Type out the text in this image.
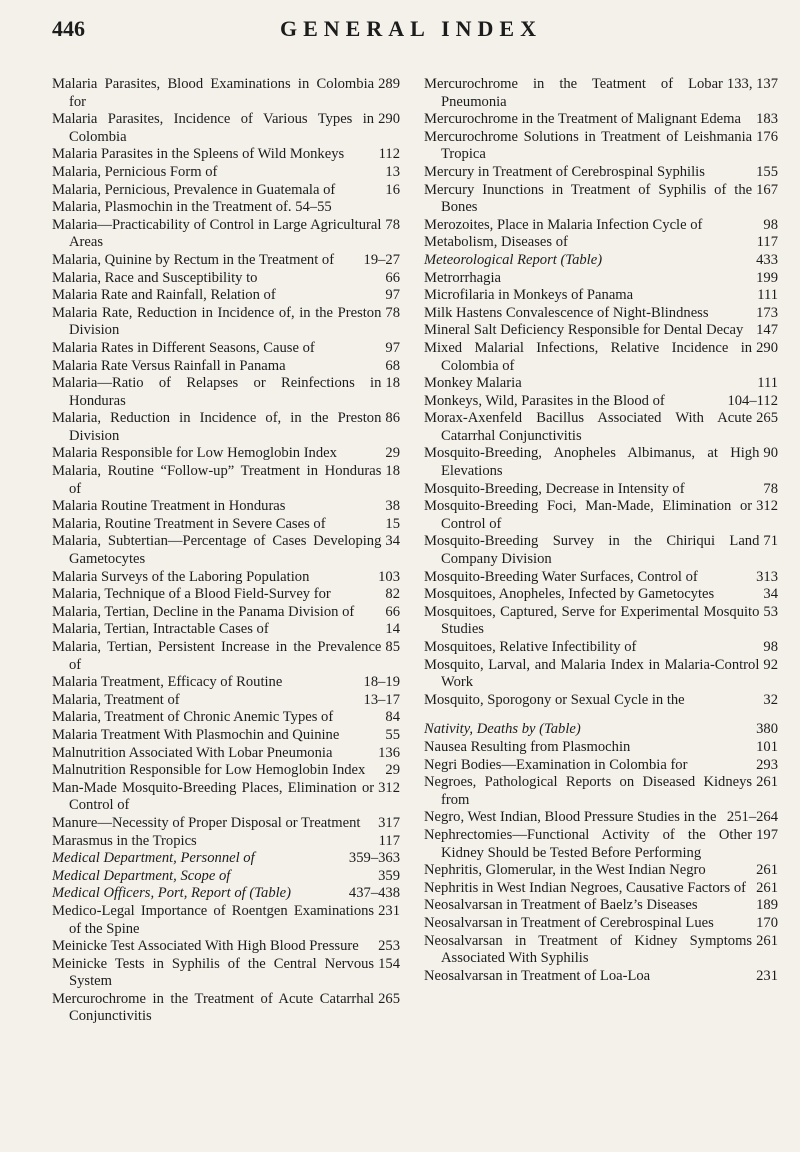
446	GENERAL INDEX
289
Malaria Parasites, Blood Examinations in Colombia for
290
Malaria Parasites, Incidence of Various Types in Colombia
112
Malaria Parasites in the Spleens of Wild Monkeys
13
Malaria, Pernicious Form of
16
Malaria, Pernicious, Prevalence in Guatemala of
Malaria, Plasmochin in the Treatment of. 54–55
78
Malaria—Practicability of Control in Large Agricultural Areas
19–27
Malaria, Quinine by Rectum in the Treatment of
66
Malaria, Race and Susceptibility to
97
Malaria Rate and Rainfall, Relation of
78
Malaria Rate, Reduction in Incidence of, in the Preston Division
97
Malaria Rates in Different Seasons, Cause of
68
Malaria Rate Versus Rainfall in Panama
18
Malaria—Ratio of Relapses or Reinfections in Honduras
86
Malaria, Reduction in Incidence of, in the Preston Division
29
Malaria Responsible for Low Hemoglobin Index
18
Malaria, Routine “Follow-up” Treatment in Honduras of
38
Malaria Routine Treatment in Honduras
15
Malaria, Routine Treatment in Severe Cases of
34
Malaria, Subtertian—Percentage of Cases Developing Gametocytes
103
Malaria Surveys of the Laboring Population
82
Malaria, Technique of a Blood Field-Survey for
66
Malaria, Tertian, Decline in the Panama Division of
14
Malaria, Tertian, Intractable Cases of
85
Malaria, Tertian, Persistent Increase in the Prevalence of
18–19
Malaria Treatment, Efficacy of Routine
13–17
Malaria, Treatment of
84
Malaria, Treatment of Chronic Anemic Types of
55
Malaria Treatment With Plasmochin and Quinine
136
Malnutrition Associated With Lobar Pneumonia
29
Malnutrition Responsible for Low Hemoglobin Index
312
Man-Made Mosquito-Breeding Places, Elimination or Control of
317
Manure—Necessity of Proper Disposal or Treatment
117
Marasmus in the Tropics
359–363
Medical Department, Personnel of
359
Medical Department, Scope of
437–438
Medical Officers, Port, Report of (Table)
231
Medico-Legal Importance of Roentgen Examinations of the Spine
253
Meinicke Test Associated With High Blood Pressure
154
Meinicke Tests in Syphilis of the Central Nervous System
265
Mercurochrome in the Treatment of Acute Catarrhal Conjunctivitis
133, 137
Mercurochrome in the Teatment of Lobar Pneumonia
183
Mercurochrome in the Treatment of Malignant Edema
176
Mercurochrome Solutions in Treatment of Leishmania Tropica
155
Mercury in Treatment of Cerebrospinal Syphilis
167
Mercury Inunctions in Treatment of Syphilis of the Bones
98
Merozoites, Place in Malaria Infection Cycle of
117
Metabolism, Diseases of
433
Meteorological Report (Table)
199
Metrorrhagia
111
Microfilaria in Monkeys of Panama
173
Milk Hastens Convalescence of Night-Blindness
147
Mineral Salt Deficiency Responsible for Dental Decay
290
Mixed Malarial Infections, Relative Incidence in Colombia of
111
Monkey Malaria
104–112
Monkeys, Wild, Parasites in the Blood of
265
Morax-Axenfeld Bacillus Associated With Acute Catarrhal Conjunctivitis
90
Mosquito-Breeding, Anopheles Albimanus, at High Elevations
78
Mosquito-Breeding, Decrease in Intensity of
312
Mosquito-Breeding Foci, Man-Made, Elimination or Control of
71
Mosquito-Breeding Survey in the Chiriqui Land Company Division
313
Mosquito-Breeding Water Surfaces, Control of
34
Mosquitoes, Anopheles, Infected by Gametocytes
53
Mosquitoes, Captured, Serve for Experimental Mosquito Studies
98
Mosquitoes, Relative Infectibility of
92
Mosquito, Larval, and Malaria Index in Malaria-Control Work
32
Mosquito, Sporogony or Sexual Cycle in the
380
Nativity, Deaths by (Table)
101
Nausea Resulting from Plasmochin
293
Negri Bodies—Examination in Colombia for
261
Negroes, Pathological Reports on Diseased Kidneys from
251–264
Negro, West Indian, Blood Pressure Studies in the
197
Nephrectomies—Functional Activity of the Other Kidney Should be Tested Before Performing
261
Nephritis, Glomerular, in the West Indian Negro
261
Nephritis in West Indian Negroes, Causative Factors of
189
Neosalvarsan in Treatment of Baelz’s Diseases
170
Neosalvarsan in Treatment of Cerebrospinal Lues
261
Neosalvarsan in Treatment of Kidney Symptoms Associated With Syphilis
231
Neosalvarsan in Treatment of Loa-Loa
